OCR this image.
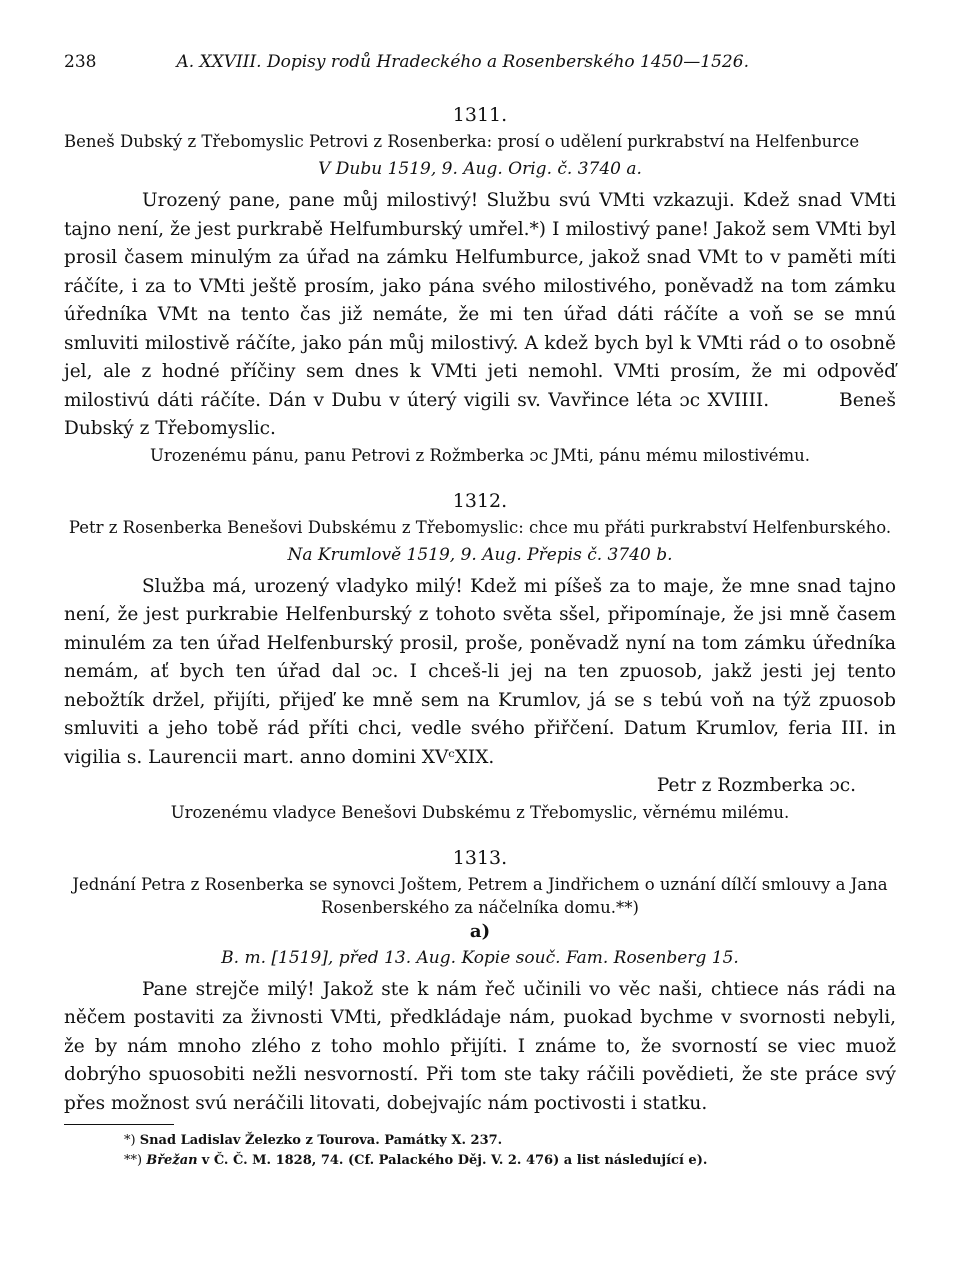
238	A. XXVIII. Dopisy rodů Hradeckého a Rosenberského 1450—1526.
1311.
Beneš Dubský z Třebomyslic Petrovi z Rosenberka: prosí o udělení purkrabství na Helfenburce
V Dubu 1519, 9. Aug. Orig. č. 3740 a.

Urozený pane, pane můj milostivý! Službu svú VMti vzkazuji. Kdež snad VMti tajno není, že jest purkrabě Helfumburský umřel.*) I milostivý pane! Jakož sem VMti byl prosil časem minulým za úřad na zámku Helfumburce, jakož snad VMt to v paměti míti ráčíte, i za to VMti ještě prosím, jako pána svého milostivého, poněvadž na tom zámku úředníka VMt na tento čas již nemáte, že mi ten úřad dáti ráčíte a voň se se mnú smluviti milostivě ráčíte, jako pán můj milostivý. A kdež bych byl k VMti rád o to osobně jel, ale z hodné příčiny sem dnes k VMti jeti nemohl. VMti prosím, že mi odpověď milostivú dáti ráčíte. Dán v Dubu v úterý vigili sv. Vavřince léta ɔc XVIIII.	Beneš Dubský z Třebomyslic.

Urozenému pánu, panu Petrovi z Rožmberka ɔc JMti, pánu mému milostivému.
1312.
Petr z Rosenberka Benešovi Dubskému z Třebomyslic: chce mu přáti purkrabství Helfenburského.
Na Krumlově 1519, 9. Aug. Přepis č. 3740 b.

Služba má, urozený vladyko milý! Kdež mi píšeš za to maje, že mne snad tajno není, že jest purkrabie Helfenburský z tohoto světa sšel, připomínaje, že jsi mně časem minulém za ten úřad Helfenburský prosil, proše, poněvadž nyní na tom zámku úředníka nemám, ať bych ten úřad dal ɔc. I chceš-li jej na ten zpuosob, jakž jesti jej tento nebožtík držel, přijíti, přijeď ke mně sem na Krumlov, já se s tebú voň na týž zpuosob smluviti a jeho tobě rád příti chci, vedle svého přiřčení. Datum Krumlov, feria III. in vigilia s. Laurencii mart. anno domini XVᶜXIX.

Petr z Rozmberka ɔc.
Urozenému vladyce Benešovi Dubskému z Třebomyslic, věrnému milému.
1313.
Jednání Petra z Rosenberka se synovci Joštem, Petrem a Jindřichem o uznání dílčí smlouvy a Jana Rosenberského za náčelníka domu.**)
a)
B. m. [1519], před 13. Aug. Kopie souč. Fam. Rosenberg 15.

Pane strejče milý! Jakož ste k nám řeč učinili vo věc naši, chtiece nás rádi na něčem postaviti za živnosti VMti, předkládaje nám, puokad bychme v svornosti nebyli, že by nám mnoho zlého z toho mohlo přijíti. I známe to, že svorností se viec muož dobrýho spuosobiti nežli nesvorností. Při tom ste taky ráčili povědieti, že ste práce svý přes možnost svú neráčili litovati, dobejvajíc nám poctivosti i statku.

*) Snad Ladislav Železko z Tourova. Památky X. 237.
**) Břežan v Č. Č. M. 1828, 74. (Cf. Palackého Děj. V. 2. 476) a list následující e).
